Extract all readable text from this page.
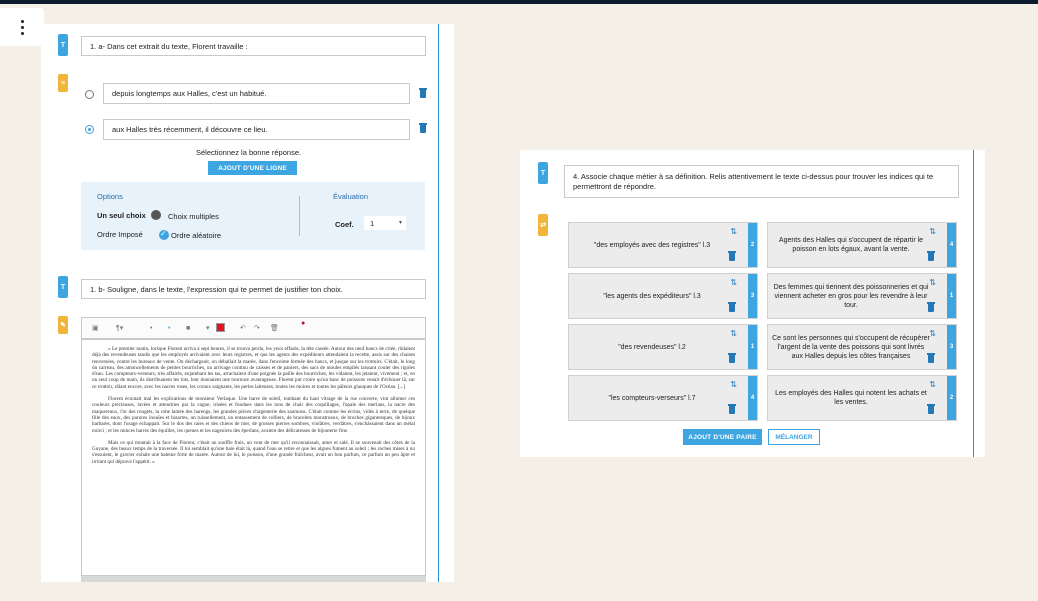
T	1. a- Dans cet extrait du texte, Florent travaille :
≡
depuis longtemps aux Halles, c'est un habitué.
aux Halles très récemment, il découvre ce lieu.
Sélectionnez la bonne réponse.
AJOUT D'UNE LIGNE
Options
Un seul choix	Choix multiples
Ordre Imposé
✓	Ordre aléatoire
Évaluation
Coef. 1	▾
T	1. b- Souligne, dans le texte, l'expression qui te permet de justifier ton choix.
✎	▣ ¶▾	• • ■ ▾	↶ ↷ 🗑
●

« Le premier matin, lorsque Florent arriva à sept heures, il se trouva perdu, les yeux effarés, la tête cassée. Autour des neuf bancs de criée, rôdaient déjà des revendeuses tandis que les employés arrivaient avec leurs registres, et que les agents des expéditeurs attendaient la recette, assis sur des chaises renversées, contre les bureaux de vente. On déchargeait, on déballait la marée, dans l'enceinte fermée des bancs, et jusque sur les trottoirs. C'était, le long du carreau, des amoncellements de petites bourriches, un arrivage continu de caisses et de paniers, des sacs de moules empilés laissant couler des rigoles d'eau. Les compteurs-verseurs, très affairés, enjambant les tas, arrachaient d'une poignée la paille des bourriches, les vidaient, les jetaient, vivement ; et, en un seul coup de main, ils distribuaient les lots, leur donnaient une tournure avantageuse. Florent put croire qu'un banc de poissons venait d'échouer là, sur ce trottoir, râlant encore, avec les nacres roses, les coraux saignants, les perles laiteuses, toutes les moires et toutes les pâleurs glauques de l'Océan. [...]

Florent écoutait mal les explications de monsieur Verlaque. Une barre de soleil, tombant du haut vitrage de la rue couverte, vint allumer ces couleurs précieuses, lavées et attendries par la vague, irisées et fondues dans les tons de chair des coquillages, l'opale des merlans, la nacre des maquereaux, l'or des rougets, la robe lamée des harengs, les grandes pièces d'argenterie des saumons. C'était comme les écrins, vidés à terre, de quelque fille des eaux, des parures inouïes et bizarres, un ruissellement, un entassement de colliers, de bracelets monstrueux, de broches gigantesques, de bijoux barbares, dont l'usage échappait. Sur le dos des raies et des chiens de mer, de grosses pierres sombres, violâtres, verdâtres, s'enchâssaient dans un métal noirci ; et les minces barres des équilles, les queues et les nageoires des éperlans, avaient des délicatesses de bijouterie fine.

Mais ce qui montait à la face de Florent, c'était un souffle frais, un vent de mer qu'il reconnaissait, amer et salé. Il se souvenait des côtes de la Guyane, des beaux temps de la traversée. Il lui semblait qu'une baie était là, quand l'eau se retire et que les algues fument au soleil ; les roches mises à nu s'essuient, le gravier exhale une haleine forte de marée. Autour de lui, le poisson, d'une grande fraîcheur, avait un bon parfum, ce parfum un peu âpre et irritant qui déprave l'appétit. »

T	4. Associe chaque métier à sa définition. Relis attentivement le texte ci-dessus pour trouver les indices qui te permettront de répondre.
⇄
"des employés avec des registres" l.3
⇅
2
"les agents des expéditeurs" l.3
⇅
3
"des revendeuses" l.2
⇅
1
"les compteurs-verseurs" l.7
⇅
4
Agents des Halles qui s'occupent de répartir le poisson en lots égaux, avant la vente.
⇅
4
Des femmes qui tiennent des poissonneries et qui viennent acheter en gros pour les revendre à leur tour.
⇅
1
Ce sont les personnes qui s'occupent de récupérer l'argent de la vente des poissons qui sont livrés aux Halles depuis les côtes françaises
⇅
3
Les employés des Halles qui notent les achats et les ventes.
⇅
2
AJOUT D'UNE PAIRE	MÉLANGER
